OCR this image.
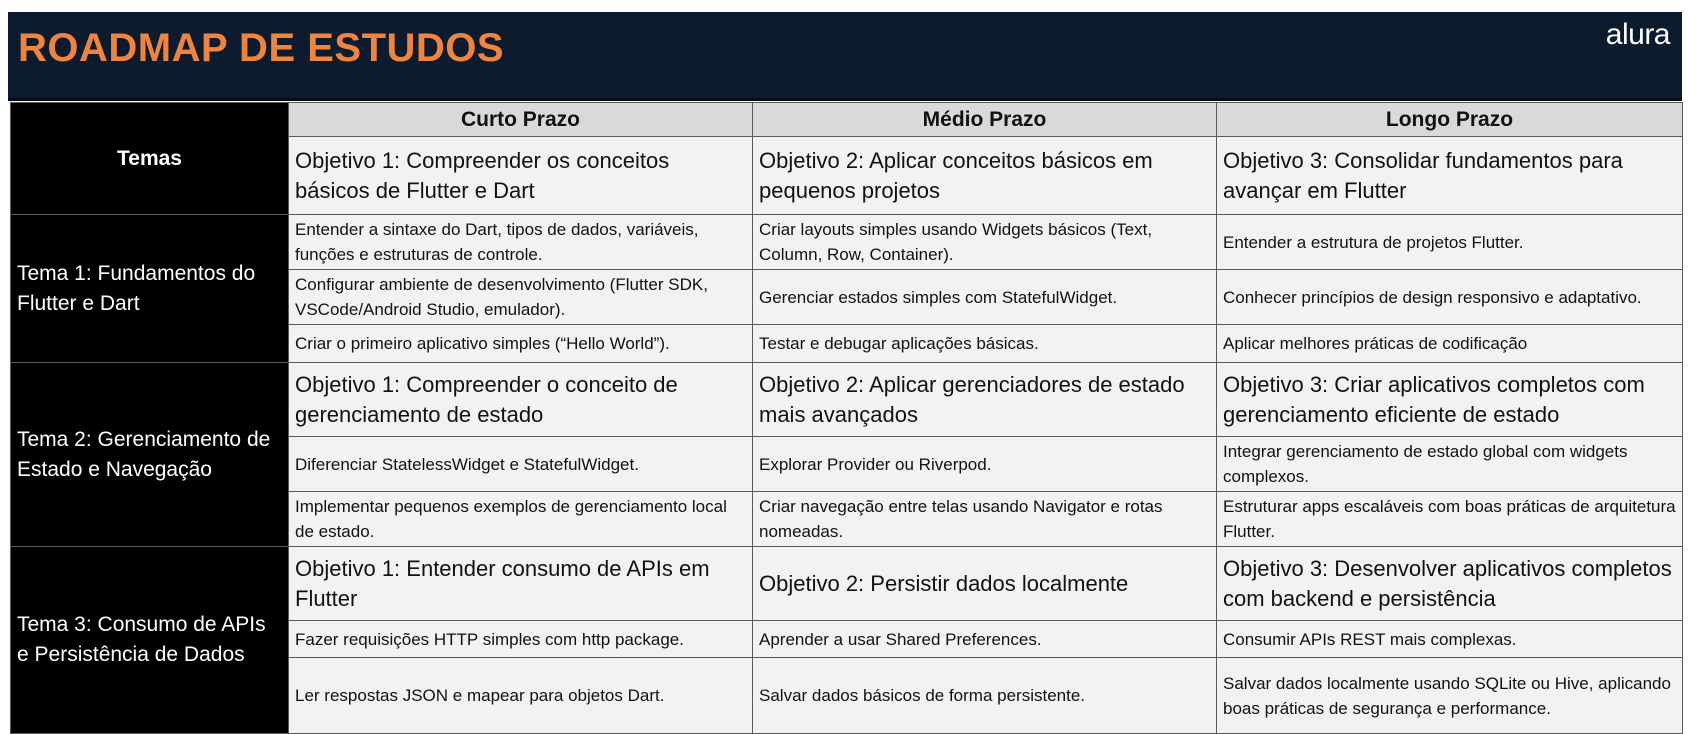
ROADMAP DE ESTUDOS	alura
Temas	Curto Prazo	Médio Prazo	Longo Prazo
	Objetivo 1: Compreender os conceitos básicos de Flutter e Dart	Objetivo 2: Aplicar conceitos básicos em pequenos projetos	Objetivo 3: Consolidar fundamentos para avançar em Flutter
Tema 1: Fundamentos do Flutter e Dart	Entender a sintaxe do Dart, tipos de dados, variáveis, funções e estruturas de controle.	Criar layouts simples usando Widgets básicos (Text, Column, Row, Container).	Entender a estrutura de projetos Flutter.
	Configurar ambiente de desenvolvimento (Flutter SDK, VSCode/Android Studio, emulador).	Gerenciar estados simples com StatefulWidget.	Conhecer princípios de design responsivo e adaptativo.
	Criar o primeiro aplicativo simples (“Hello World”).	Testar e debugar aplicações básicas.	Aplicar melhores práticas de codificação
Tema 2: Gerenciamento de Estado e Navegação	Objetivo 1: Compreender o conceito de gerenciamento de estado	Objetivo 2: Aplicar gerenciadores de estado mais avançados	Objetivo 3: Criar aplicativos completos com gerenciamento eficiente de estado
	Diferenciar StatelessWidget e StatefulWidget.	Explorar Provider ou Riverpod.	Integrar gerenciamento de estado global com widgets complexos.
	Implementar pequenos exemplos de gerenciamento local de estado.	Criar navegação entre telas usando Navigator e rotas nomeadas.	Estruturar apps escaláveis com boas práticas de arquitetura Flutter.
Tema 3: Consumo de APIs e Persistência de Dados	Objetivo 1: Entender consumo de APIs em Flutter	Objetivo 2: Persistir dados localmente	Objetivo 3: Desenvolver aplicativos completos com backend e persistência
	Fazer requisições HTTP simples com http package.	Aprender a usar Shared Preferences.	Consumir APIs REST mais complexas.
	Ler respostas JSON e mapear para objetos Dart.	Salvar dados básicos de forma persistente.	Salvar dados localmente usando SQLite ou Hive, aplicando boas práticas de segurança e performance.
